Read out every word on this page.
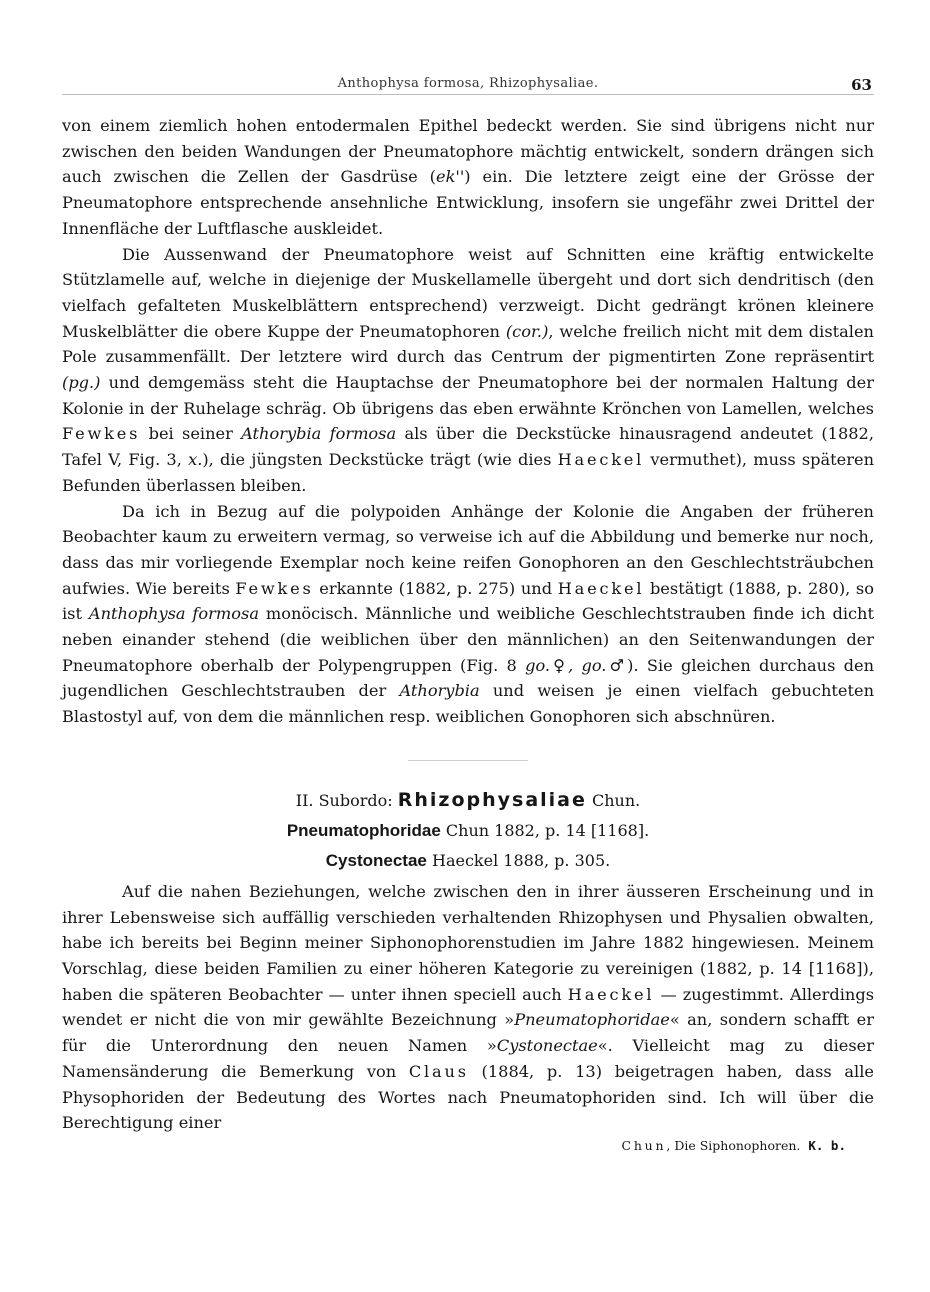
Anthophysa formosa, Rhizophysaliae.	63

von einem ziemlich hohen entodermalen Epithel bedeckt werden. Sie sind übrigens nicht nur zwischen den beiden Wandungen der Pneumatophore mächtig entwickelt, sondern drängen sich auch zwischen die Zellen der Gasdrüse (ek'') ein. Die letztere zeigt eine der Grösse der Pneumatophore entsprechende ansehnliche Entwicklung, insofern sie ungefähr zwei Drittel der Innenfläche der Luftflasche auskleidet.

Die Aussenwand der Pneumatophore weist auf Schnitten eine kräftig entwickelte Stützlamelle auf, welche in diejenige der Muskellamelle übergeht und dort sich dendritisch (den vielfach gefalteten Muskelblättern entsprechend) verzweigt. Dicht gedrängt krönen kleinere Muskelblätter die obere Kuppe der Pneumatophoren (cor.), welche freilich nicht mit dem distalen Pole zusammenfällt. Der letztere wird durch das Centrum der pigmentirten Zone repräsentirt (pg.) und demgemäss steht die Hauptachse der Pneumatophore bei der normalen Haltung der Kolonie in der Ruhelage schräg. Ob übrigens das eben erwähnte Krönchen von Lamellen, welches Fewkes bei seiner Athorybia formosa als über die Deckstücke hinausragend andeutet (1882, Tafel V, Fig. 3, x.), die jüngsten Deckstücke trägt (wie dies Haeckel vermuthet), muss späteren Befunden überlassen bleiben.

Da ich in Bezug auf die polypoiden Anhänge der Kolonie die Angaben der früheren Beobachter kaum zu erweitern vermag, so verweise ich auf die Abbildung und bemerke nur noch, dass das mir vorliegende Exemplar noch keine reifen Gonophoren an den Geschlechtsträubchen aufwies. Wie bereits Fewkes erkannte (1882, p. 275) und Haeckel bestätigt (1888, p. 280), so ist Anthophysa formosa monöcisch. Männliche und weibliche Geschlechtstrauben finde ich dicht neben einander stehend (die weiblichen über den männlichen) an den Seitenwandungen der Pneumatophore oberhalb der Polypengruppen (Fig. 8 go.♀, go.♂). Sie gleichen durchaus den jugendlichen Geschlechtstrauben der Athorybia und weisen je einen vielfach gebuchteten Blastostyl auf, von dem die männlichen resp. weiblichen Gonophoren sich abschnüren.

II. Subordo: Rhizophysaliae Chun.
Pneumatophoridae Chun 1882, p. 14 [1168].
Cystonectae Haeckel 1888, p. 305.

Auf die nahen Beziehungen, welche zwischen den in ihrer äusseren Erscheinung und in ihrer Lebensweise sich auffällig verschieden verhaltenden Rhizophysen und Physalien obwalten, habe ich bereits bei Beginn meiner Siphonophorenstudien im Jahre 1882 hingewiesen. Meinem Vorschlag, diese beiden Familien zu einer höheren Kategorie zu vereinigen (1882, p. 14 [1168]), haben die späteren Beobachter — unter ihnen speciell auch Haeckel — zugestimmt. Allerdings wendet er nicht die von mir gewählte Bezeichnung »Pneumatophoridae« an, sondern schafft er für die Unterordnung den neuen Namen »Cystonectae«. Vielleicht mag zu dieser Namensänderung die Bemerkung von Claus (1884, p. 13) beigetragen haben, dass alle Physophoriden der Bedeutung des Wortes nach Pneumatophoriden sind. Ich will über die Berechtigung einer

Chun, Die Siphonophoren. K. b.
